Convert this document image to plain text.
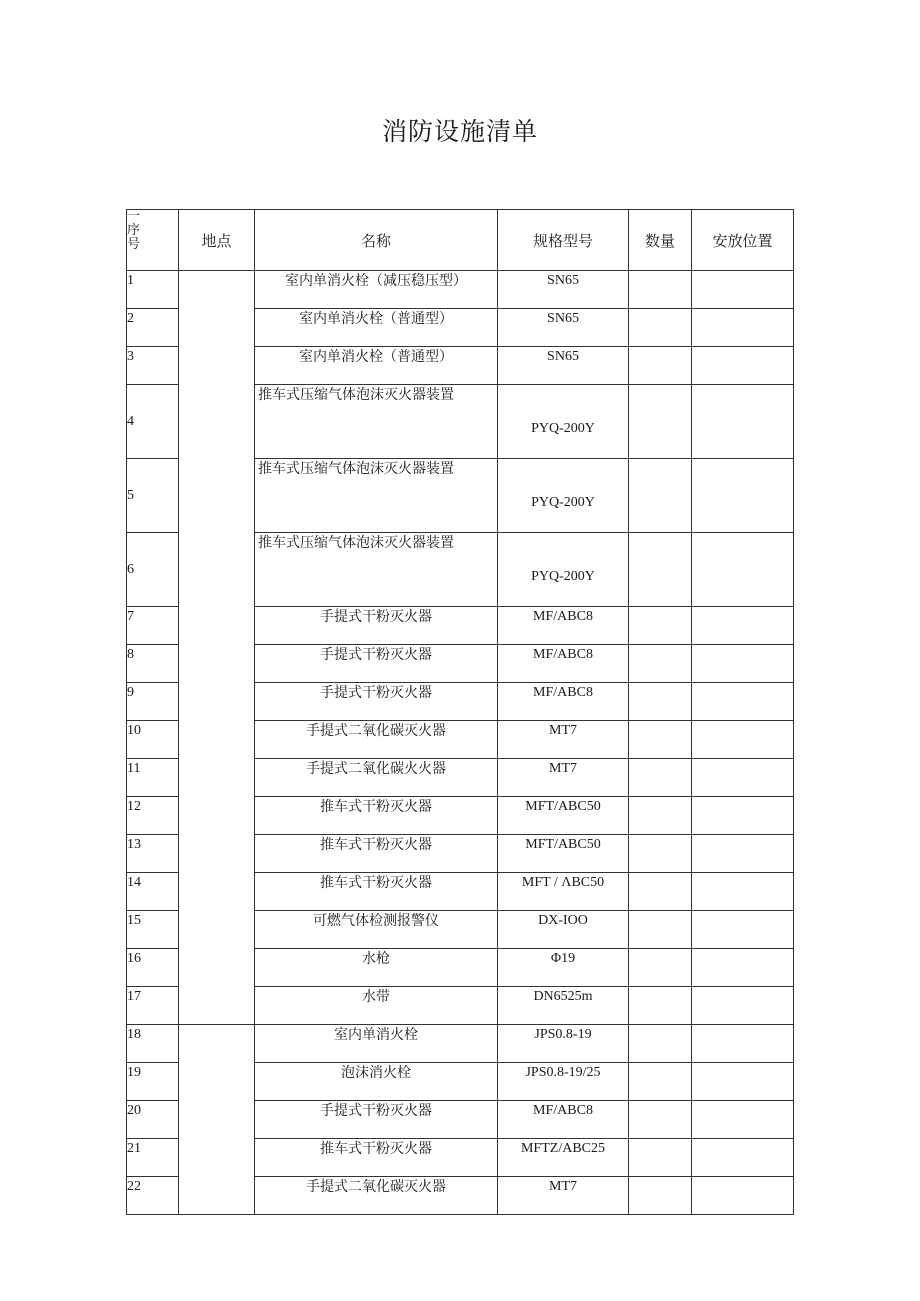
消防设施清单
一
序
号	地点	名称	规格型号	数量	安放位置
1		室内单消火栓（减压稳压型）	SN65		
2		室内单消火栓（普通型）	SN65		
3		室内单消火栓（普通型）	SN65		
4		推车式压缩气体泡沫灭火器装置	PYQ-200Y		
5		推车式压缩气体泡沫灭火器装置	PYQ-200Y		
6		推车式压缩气体泡沫灭火器装置	PYQ-200Y		
7		手提式干粉灭火器	MF/ABC8		
8		手提式干粉灭火器	MF/ABC8		
9		手提式干粉灭火器	MF/ABC8		
10		手提式二氧化碳灭火器	MT7		
11		手提式二氧化碳火火器	MT7		
12		推车式干粉灭火器	MFT/ABC50		
13		推车式干粉灭火器	MFT/ABC50		
14		推车式干粉灭火器	MFT / ΛBC50		
15		可燃气体检测报警仪	DX-IOO		
16		水枪	Φ19		
17		水带	DN6525m		
18		室内单消火栓	JPS0.8-19		
19		泡沫消火栓	JPS0.8-19/25		
20		手提式干粉灭火器	MF/ABC8		
21		推车式干粉灭火器	MFTZ/ABC25		
22		手提式二氧化碳灭火器	MT7		
